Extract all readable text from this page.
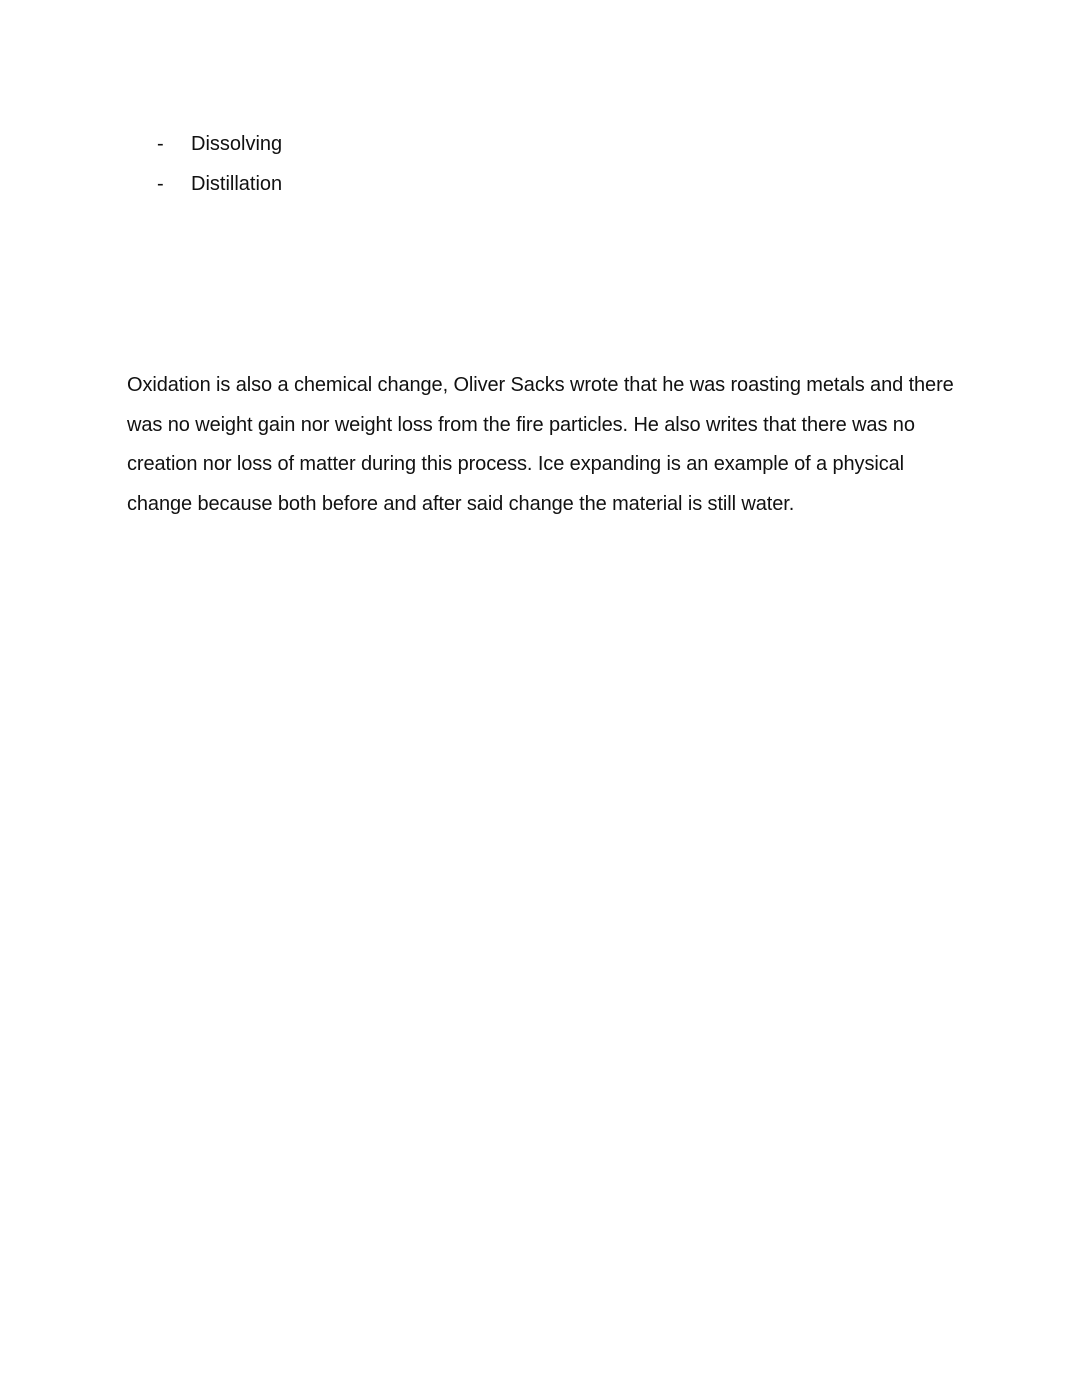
-	Dissolving
-	Distillation

Oxidation is also a chemical change, Oliver Sacks wrote that he was roasting metals and there
was no weight gain nor weight loss from the fire particles. He also writes that there was no
creation nor loss of matter during this process. Ice expanding is an example of a physical
change because both before and after said change the material is still water.
